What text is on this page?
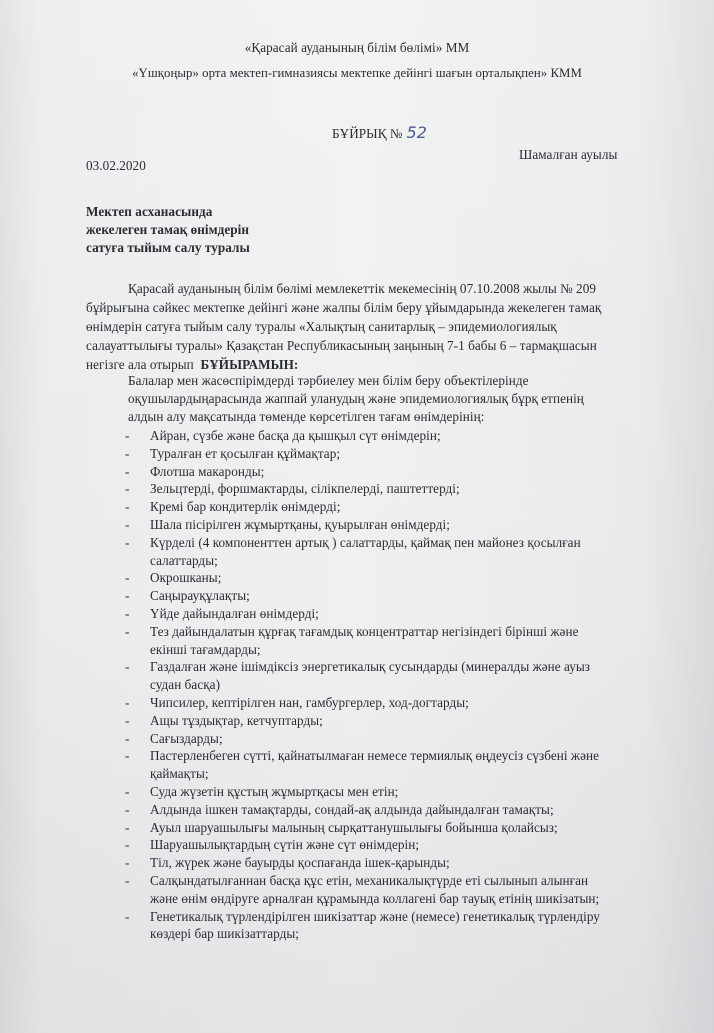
«Қарасай ауданының білім бөлімі» ММ
«Үшқоңыр» орта мектеп-гимназиясы мектепке дейінгі шағын орталықпен» КММ
БҰЙРЫҚ № 52
Шамалған ауылы
03.02.2020
Мектеп асханасында
жекелеген тамақ өнімдерін
сатуға тыйым салу туралы
Қарасай ауданының білім бөлімі мемлекеттік мекемесінің 07.10.2008 жылы № 209
бұйрығына сәйкес мектепке дейінгі және жалпы білім беру ұйымдарында жекелеген тамақ
өнімдерін сатуға тыйым салу туралы «Халықтың санитарлық – эпидемиологиялық
салауаттылығы туралы» Қазақстан Республикасының заңының 7-1 бабы 6 – тармақшасын
негізге ала отырып БҰЙЫРАМЫН:
Балалар мен жасөспірімдерді тәрбиелеу мен білім беру объектілерінде
оқушылардыңарасында жаппай уланудың және эпидемиологиялық бұрқ етпенің
алдын алу мақсатында төменде көрсетілген тағам өнімдерінің:
- Айран, сүзбе және басқа да қышқыл сүт өнімдерін;
- Туралған ет қосылған құймақтар;
- Флотша макаронды;
- Зельцтерді, форшмактарды, сілікпелерді, паштеттерді;
- Кремі бар кондитерлік өнімдерді;
- Шала пісірілген жұмыртқаны, қуырылған өнімдерді;
- Күрделі (4 компоненттен артық ) салаттарды, қаймақ пен майонез қосылған
салаттарды;
- Окрошканы;
- Саңырауқұлақты;
- Үйде дайындалған өнімдерді;
- Тез дайындалатын құрғақ тағамдық концентраттар негізіндегі бірінші және
екінші тағамдарды;
- Газдалған және ішімдіксіз энергетикалық сусындарды (минералды және ауыз
судан басқа)
- Чипсилер, кептірілген нан, гамбургерлер, ход-догтарды;
- Ащы тұздықтар, кетчуптарды;
- Сағыздарды;
- Пастерленбеген сүтті, қайнатылмаған немесе термиялық өңдеусіз сүзбені және
қаймақты;
- Суда жүзетін құстың жұмыртқасы мен етін;
- Алдында ішкен тамақтарды, сондай-ақ алдында дайындалған тамақты;
- Ауыл шаруашылығы малының сырқаттанушылығы бойынша қолайсыз;
- Шаруашылықтардың сүтін және сүт өнімдерін;
- Тіл, жүрек және бауырды қоспағанда ішек-қарынды;
- Салқындатылғаннан басқа құс етін, механикалықтүрде еті сылынып алынған
және өнім өндіруге арналған құрамында коллагені бар тауық етінің шикізатын;
- Генетикалық түрлендірілген шикізаттар және (немесе) генетикалық түрлендіру
көздері бар шикізаттарды;
